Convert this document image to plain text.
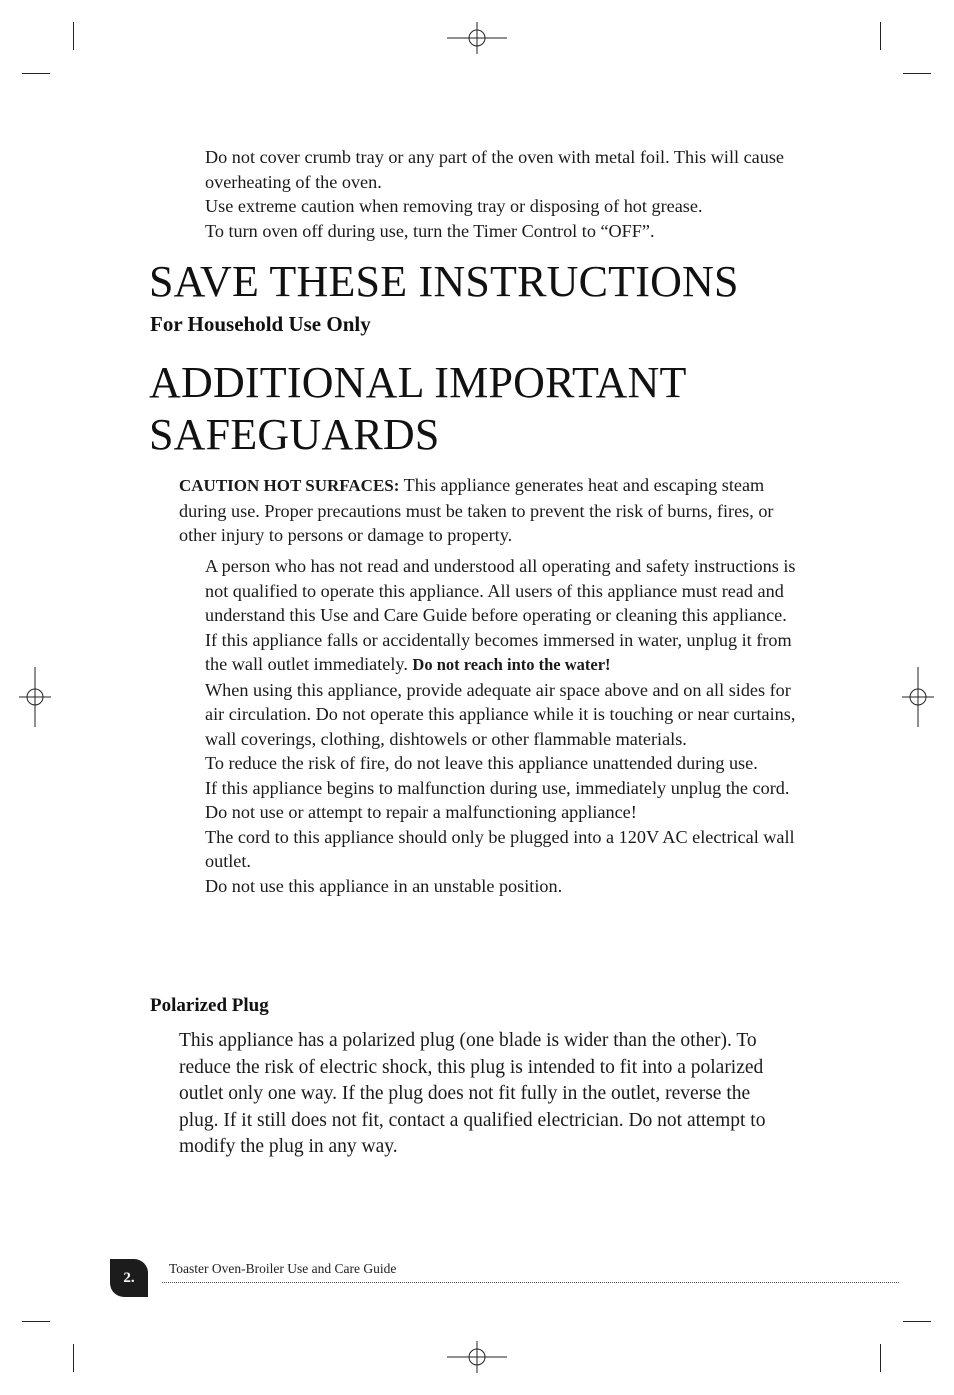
Do not cover crumb tray or any part of the oven with metal foil. This will cause overheating of the oven.

Use extreme caution when removing tray or disposing of hot grease.

To turn oven off during use, turn the Timer Control to “OFF”.

SAVE THESE INSTRUCTIONS
For Household Use Only
ADDITIONAL IMPORTANT
SAFEGUARDS
CAUTION HOT SURFACES: This appliance generates heat and escaping steam during use. Proper precautions must be taken to prevent the risk of burns, fires, or other injury to persons or damage to property.

A person who has not read and understood all operating and safety instructions is not qualified to operate this appliance. All users of this appliance must read and understand this Use and Care Guide before operating or cleaning this appliance.

If this appliance falls or accidentally becomes immersed in water, unplug it from the wall outlet immediately. Do not reach into the water!

When using this appliance, provide adequate air space above and on all sides for air circulation. Do not operate this appliance while it is touching or near curtains, wall coverings, clothing, dishtowels or other flammable materials.

To reduce the risk of fire, do not leave this appliance unattended during use.

If this appliance begins to malfunction during use, immediately unplug the cord. Do not use or attempt to repair a malfunctioning appliance!

The cord to this appliance should only be plugged into a 120V AC electrical wall outlet.

Do not use this appliance in an unstable position.

Polarized Plug
This appliance has a polarized plug (one blade is wider than the other). To reduce the risk of electric shock, this plug is intended to fit into a polarized outlet only one way. If the plug does not fit fully in the outlet, reverse the plug. If it still does not fit, contact a qualified electrician. Do not attempt to modify the plug in any way.
2.
Toaster Oven-Broiler Use and Care Guide
